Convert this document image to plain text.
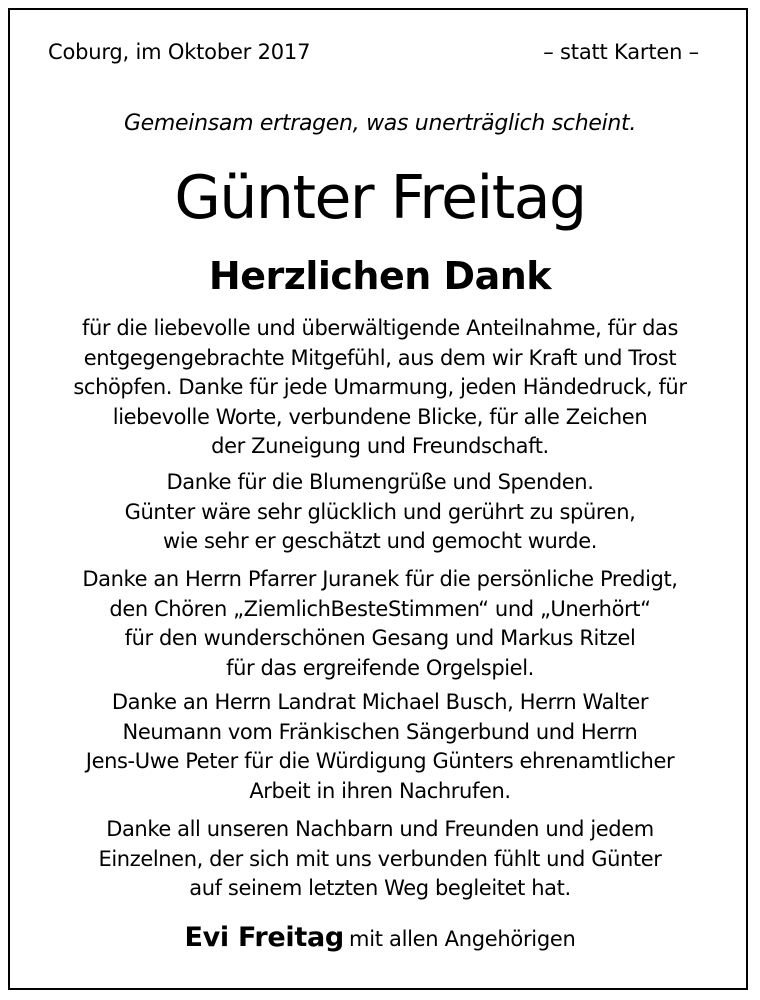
Coburg, im Oktober 2017	– statt Karten –
Gemeinsam ertragen, was unerträglich scheint.
Günter Freitag
Herzlichen Dank
für die liebevolle und überwältigende Anteilnahme, für das
entgegengebrachte Mitgefühl, aus dem wir Kraft und Trost
schöpfen. Danke für jede Umarmung, jeden Händedruck, für
liebevolle Worte, verbundene Blicke, für alle Zeichen
der Zuneigung und Freundschaft.
Danke für die Blumengrüße und Spenden.
Günter wäre sehr glücklich und gerührt zu spüren,
wie sehr er geschätzt und gemocht wurde.
Danke an Herrn Pfarrer Juranek für die persönliche Predigt,
den Chören „ZiemlichBesteStimmen“ und „Unerhört“
für den wunderschönen Gesang und Markus Ritzel
für das ergreifende Orgelspiel.
Danke an Herrn Landrat Michael Busch, Herrn Walter
Neumann vom Fränkischen Sängerbund und Herrn
Jens-Uwe Peter für die Würdigung Günters ehrenamtlicher
Arbeit in ihren Nachrufen.
Danke all unseren Nachbarn und Freunden und jedem
Einzelnen, der sich mit uns verbunden fühlt und Günter
auf seinem letzten Weg begleitet hat.
Evi Freitag mit allen Angehörigen
